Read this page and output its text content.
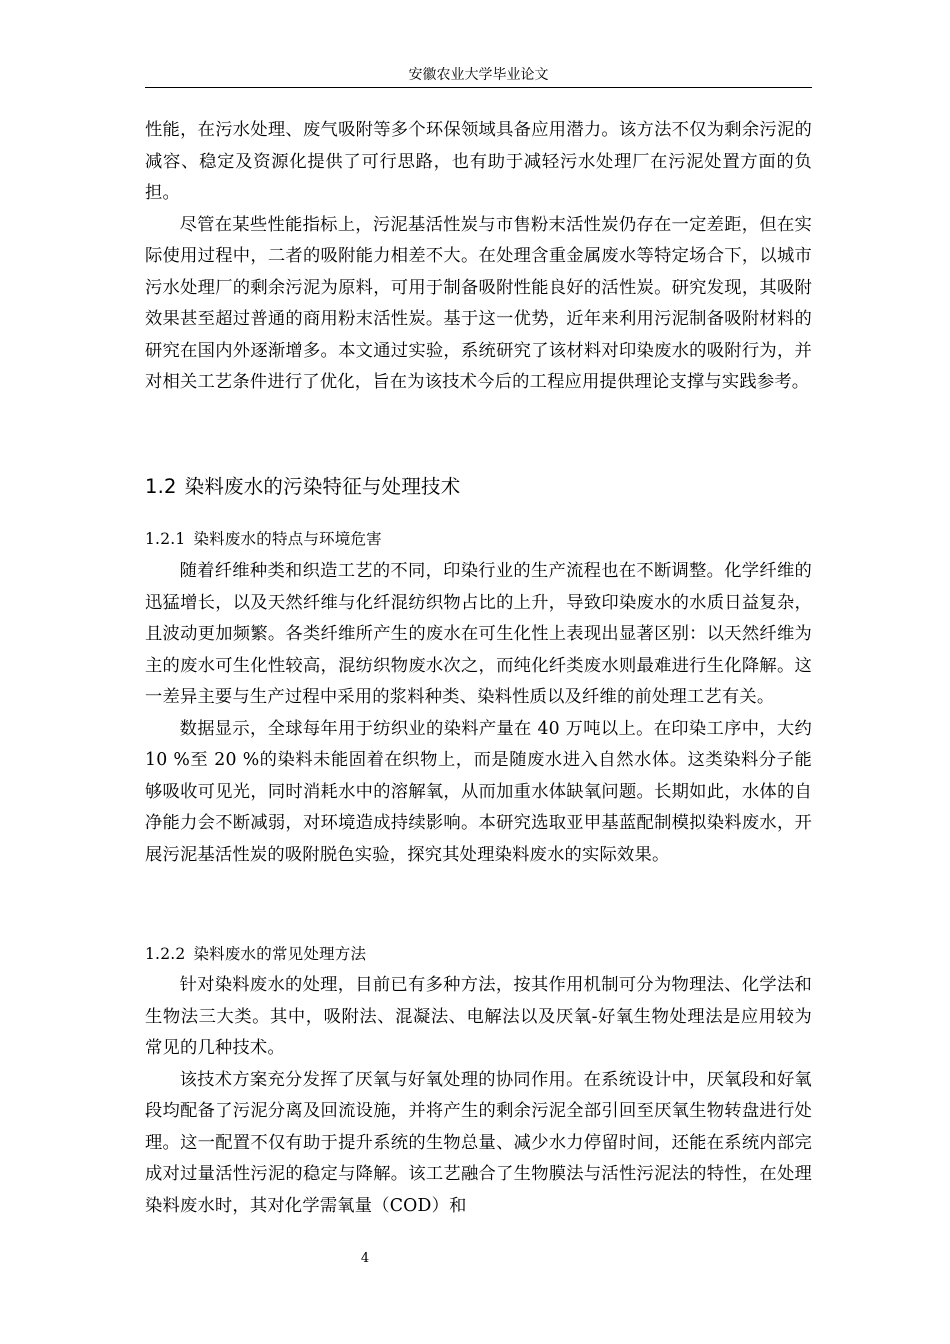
安徽农业大学毕业论文

性能，在污水处理、废气吸附等多个环保领域具备应用潜力。该方法不仅为剩余污泥的减容、稳定及资源化提供了可行思路，也有助于减轻污水处理厂在污泥处置方面的负担。

尽管在某些性能指标上，污泥基活性炭与市售粉末活性炭仍存在一定差距，但在实际使用过程中，二者的吸附能力相差不大。在处理含重金属废水等特定场合下，以城市污水处理厂的剩余污泥为原料，可用于制备吸附性能良好的活性炭。研究发现，其吸附效果甚至超过普通的商用粉末活性炭。基于这一优势，近年来利用污泥制备吸附材料的研究在国内外逐渐增多。本文通过实验，系统研究了该材料对印染废水的吸附行为，并对相关工艺条件进行了优化，旨在为该技术今后的工程应用提供理论支撑与实践参考。

1.2 染料废水的污染特征与处理技术
1.2.1 染料废水的特点与环境危害

随着纤维种类和织造工艺的不同，印染行业的生产流程也在不断调整。化学纤维的迅猛增长，以及天然纤维与化纤混纺织物占比的上升，导致印染废水的水质日益复杂，且波动更加频繁。各类纤维所产生的废水在可生化性上表现出显著区别：以天然纤维为主的废水可生化性较高，混纺织物废水次之，而纯化纤类废水则最难进行生化降解。这一差异主要与生产过程中采用的浆料种类、染料性质以及纤维的前处理工艺有关。

数据显示，全球每年用于纺织业的染料产量在 40 万吨以上。在印染工序中，大约 10 %至 20 %的染料未能固着在织物上，而是随废水进入自然水体。这类染料分子能够吸收可见光，同时消耗水中的溶解氧，从而加重水体缺氧问题。长期如此，水体的自净能力会不断减弱，对环境造成持续影响。本研究选取亚甲基蓝配制模拟染料废水，开展污泥基活性炭的吸附脱色实验，探究其处理染料废水的实际效果。

1.2.2 染料废水的常见处理方法

针对染料废水的处理，目前已有多种方法，按其作用机制可分为物理法、化学法和生物法三大类。其中，吸附法、混凝法、电解法以及厌氧-好氧生物处理法是应用较为常见的几种技术。

该技术方案充分发挥了厌氧与好氧处理的协同作用。在系统设计中，厌氧段和好氧段均配备了污泥分离及回流设施，并将产生的剩余污泥全部引回至厌氧生物转盘进行处理。这一配置不仅有助于提升系统的生物总量、减少水力停留时间，还能在系统内部完成对过量活性污泥的稳定与降解。该工艺融合了生物膜法与活性污泥法的特性，在处理染料废水时，其对化学需氧量（COD）和

4
